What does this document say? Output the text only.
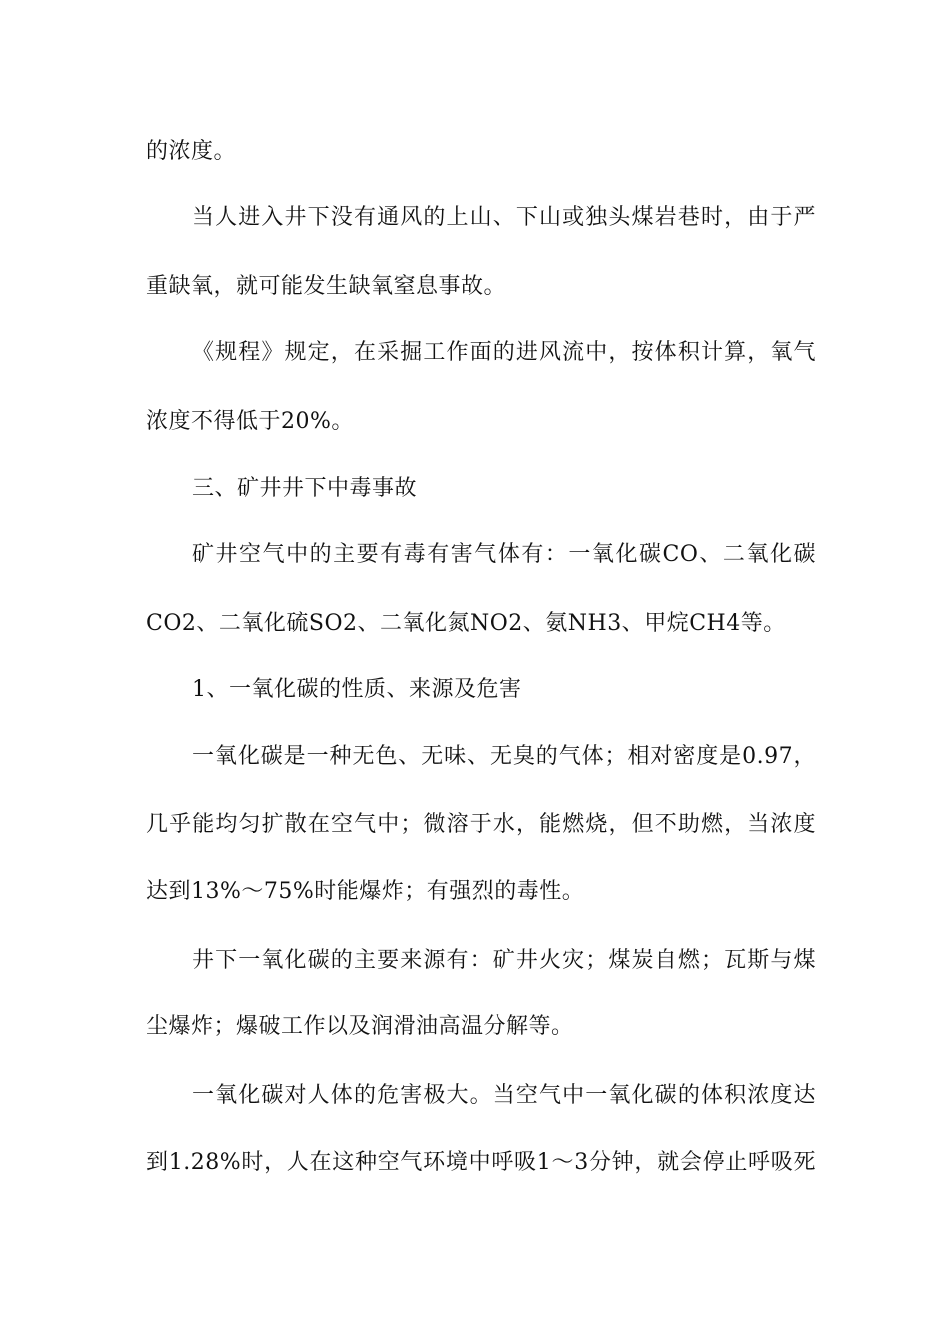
的浓度。
当人进入井下没有通风的上山、下山或独头煤岩巷时，由于严
重缺氧，就可能发生缺氧窒息事故。
《规程》规定，在采掘工作面的进风流中，按体积计算，氧气
浓度不得低于20%。
三、矿井井下中毒事故
矿井空气中的主要有毒有害气体有：一氧化碳CO、二氧化碳
CO2、二氧化硫SO2、二氧化氮NO2、氨NH3、甲烷CH4等。
1、一氧化碳的性质、来源及危害
一氧化碳是一种无色、无味、无臭的气体；相对密度是0.97，
几乎能均匀扩散在空气中；微溶于水，能燃烧，但不助燃，当浓度
达到13%～75%时能爆炸；有强烈的毒性。
井下一氧化碳的主要来源有：矿井火灾；煤炭自燃；瓦斯与煤
尘爆炸；爆破工作以及润滑油高温分解等。
一氧化碳对人体的危害极大。当空气中一氧化碳的体积浓度达
到1.28%时，人在这种空气环境中呼吸1～3分钟，就会停止呼吸死
